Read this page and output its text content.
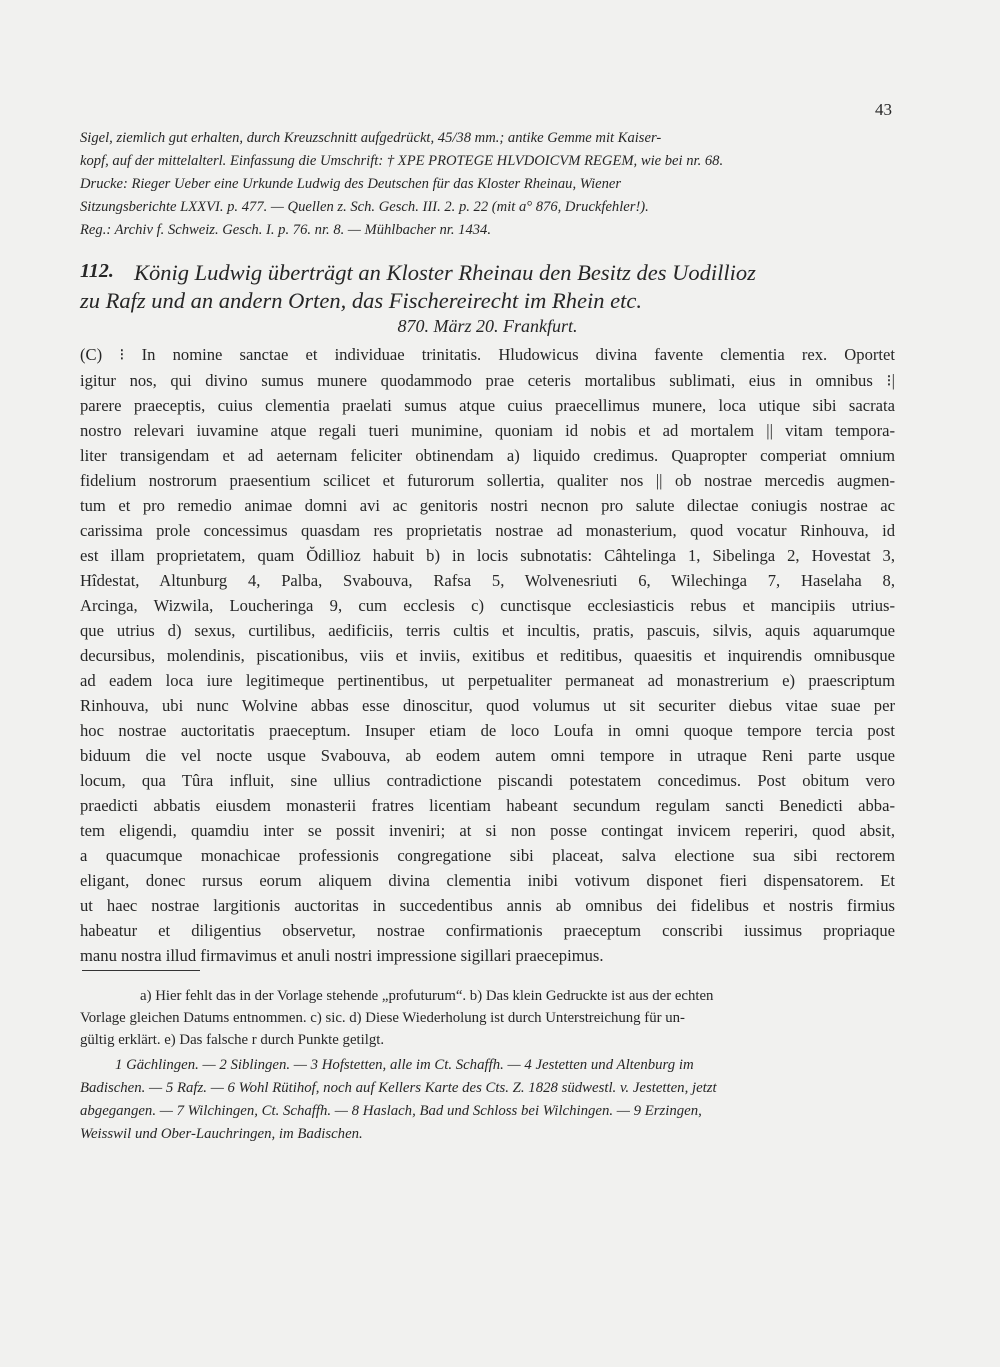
43
Sigel, ziemlich gut erhalten, durch Kreuzschnitt aufgedrückt, 45/38 mm.; antike Gemme mit Kaiser-
kopf, auf der mittelalterl. Einfassung die Umschrift: † XPE PROTEGE HLVDOICVM REGEM, wie bei nr. 68.
Drucke: Rieger Ueber eine Urkunde Ludwig des Deutschen für das Kloster Rheinau, Wiener
Sitzungsberichte LXXVI. p. 477. — Quellen z. Sch. Gesch. III. 2. p. 22 (mit a° 876, Druckfehler!).
Reg.: Archiv f. Schweiz. Gesch. I. p. 76. nr. 8. — Mühlbacher nr. 1434.
König Ludwig überträgt an Kloster Rheinau den Besitz des Uodillioz
112.
zu Rafz und an andern Orten, das Fischereirecht im Rhein etc.
870. März 20. Frankfurt.
(C) ⁝ In nomine sanctae et individuae trinitatis. Hludowicus divina favente clementia rex. Oportet
igitur nos, qui divino sumus munere quodammodo prae ceteris mortalibus sublimati, eius in omnibus ⁝|
parere praeceptis, cuius clementia praelati sumus atque cuius praecellimus munere, loca utique sibi sacrata
nostro relevari iuvamine atque regali tueri munimine, quoniam id nobis et ad mortalem || vitam tempora-
liter transigendam et ad aeternam feliciter obtinendam a) liquido credimus. Quapropter comperiat omnium
fidelium nostrorum praesentium scilicet et futurorum sollertia, qualiter nos || ob nostrae mercedis augmen-
tum et pro remedio animae domni avi ac genitoris nostri necnon pro salute dilectae coniugis nostrae ac
carissima prole concessimus quasdam res proprietatis nostrae ad monasterium, quod vocatur Rinhouva, id
est illam proprietatem, quam Ŏdillioz habuit b) in locis subnotatis: Câhtelinga 1, Sibelinga 2, Hovestat 3,
Hîdestat, Altunburg 4, Palba, Svabouva, Rafsa 5, Wolvenesriuti 6, Wilechinga 7, Haselaha 8,
Arcinga, Wizwila, Loucheringa 9, cum ecclesis c) cunctisque ecclesiasticis rebus et mancipiis utrius-
que utrius d) sexus, curtilibus, aedificiis, terris cultis et incultis, pratis, pascuis, silvis, aquis aquarumque
decursibus, molendinis, piscationibus, viis et inviis, exitibus et reditibus, quaesitis et inquirendis omnibusque
ad eadem loca iure legitimeque pertinentibus, ut perpetualiter permaneat ad monastrerium e) praescriptum
Rinhouva, ubi nunc Wolvine abbas esse dinoscitur, quod volumus ut sit securiter diebus vitae suae per
hoc nostrae auctoritatis praeceptum. Insuper etiam de loco Loufa in omni quoque tempore tercia post
biduum die vel nocte usque Svabouva, ab eodem autem omni tempore in utraque Reni parte usque
locum, qua Tûra influit, sine ullius contradictione piscandi potestatem concedimus. Post obitum vero
praedicti abbatis eiusdem monasterii fratres licentiam habeant secundum regulam sancti Benedicti abba-
tem eligendi, quamdiu inter se possit inveniri; at si non posse contingat invicem reperiri, quod absit,
a quacumque monachicae professionis congregatione sibi placeat, salva electione sua sibi rectorem
eligant, donec rursus eorum aliquem divina clementia inibi votivum disponet fieri dispensatorem. Et
ut haec nostrae largitionis auctoritas in succedentibus annis ab omnibus dei fidelibus et nostris firmius
habeatur et diligentius observetur, nostrae confirmationis praeceptum conscribi iussimus propriaque
manu nostra illud firmavimus et anuli nostri impressione sigillari praecepimus.
a) Hier fehlt das in der Vorlage stehende „profuturum“. b) Das klein Gedruckte ist aus der echten
Vorlage gleichen Datums entnommen. c) sic. d) Diese Wiederholung ist durch Unterstreichung für un-
gültig erklärt. e) Das falsche r durch Punkte getilgt.
1 Gächlingen. — 2 Siblingen. — 3 Hofstetten, alle im Ct. Schaffh. — 4 Jestetten und Altenburg im
Badischen. — 5 Rafz. — 6 Wohl Rütihof, noch auf Kellers Karte des Cts. Z. 1828 südwestl. v. Jestetten, jetzt
abgegangen. — 7 Wilchingen, Ct. Schaffh. — 8 Haslach, Bad und Schloss bei Wilchingen. — 9 Erzingen,
Weisswil und Ober-Lauchringen, im Badischen.
